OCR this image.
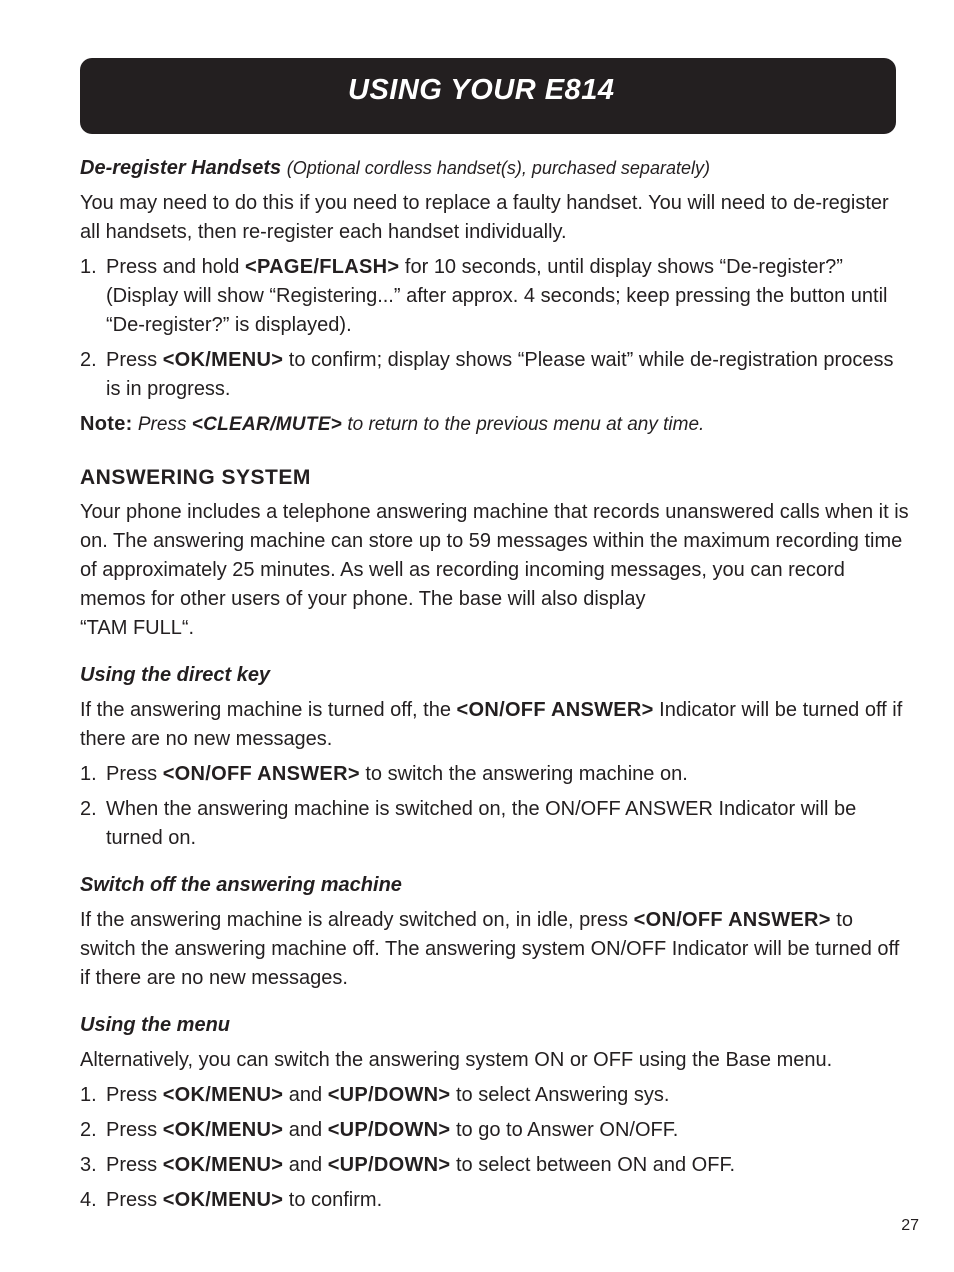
USING YOUR E814

De-register Handsets (Optional cordless handset(s), purchased separately)

You may need to do this if you need to replace a faulty handset. You will need to de-register all handsets, then re-register each handset individually.

1. Press and hold <PAGE/FLASH> for 10 seconds, until display shows “De-register?” (Display will show “Registering...” after approx. 4 seconds; keep pressing the button until “De-register?” is displayed).
2. Press <OK/MENU> to confirm; display shows “Please wait” while de-registration process is in progress.

Note: Press <CLEAR/MUTE> to return to the previous menu at any time.

ANSWERING SYSTEM

Your phone includes a telephone answering machine that records unanswered calls when it is on. The answering machine can store up to 59 messages within the maximum recording time of approximately 25 minutes. As well as recording incoming messages, you can record memos for other users of your phone. The base will also display
“TAM FULL“.

Using the direct key

If the answering machine is turned off, the <ON/OFF ANSWER> Indicator will be turned off if there are no new messages.

1. Press <ON/OFF ANSWER> to switch the answering machine on.
2. When the answering machine is switched on, the ON/OFF ANSWER Indicator will be turned on.

Switch off the answering machine

If the answering machine is already switched on, in idle, press <ON/OFF ANSWER> to switch the answering machine off. The answering system ON/OFF Indicator will be turned off if there are no new messages.

Using the menu

Alternatively, you can switch the answering system ON or OFF using the Base menu.

1. Press <OK/MENU> and <UP/DOWN> to select Answering sys.
2. Press <OK/MENU> and <UP/DOWN> to go to Answer ON/OFF.
3. Press <OK/MENU> and <UP/DOWN> to select between ON and OFF.
4. Press <OK/MENU> to confirm.
27
